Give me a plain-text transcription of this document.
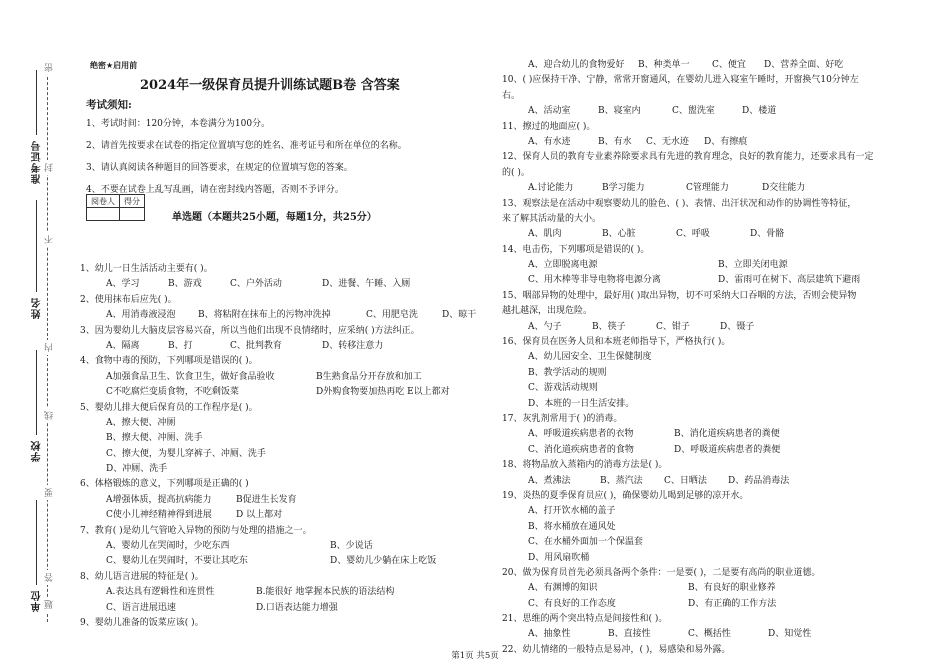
准考证号
姓名
学校
单位
密
封
不
内
线
要
答
题
绝密★启用前
2024年一级保育员提升训练试题B卷 含答案
考试须知:
1、考试时间：120分钟，本卷满分为100分。
2、请首先按要求在试卷的指定位置填写您的姓名、准考证号和所在单位的名称。
3、请认真阅读各种题目的回答要求，在规定的位置填写您的答案。
4、不要在试卷上乱写乱画，请在密封线内答题，否则不予评分。
阅卷人	得分

单选题（本题共25小题，每题1分，共25分）
1、幼儿一日生活活动主要有( )。
A、学习	B、游戏	C、户外活动	D、进餐、午睡、入厕
2、使用抹布后应先( )。
A、用消毒液浸泡	B、将粘附在抹布上的污物冲洗掉	C、用肥皂洗	D、晾干
3、因为婴幼儿大脑皮层容易兴奋，所以当他们出现不良情绪时，应采纳( )方法纠正。
A、隔离	B、打	C、批判教育	D、转移注意力
4、食物中毒的预防，下列哪项是错误的( )。
A加强食品卫生、饮食卫生，做好食品验收	B生熟食品分开存放和加工
C不吃腐烂变质食物，不吃剩饭菜	D外购食物要加热再吃 E以上都对
5、婴幼儿排大便后保育员的工作程序是( )。
A、擦大便、冲厕
B、擦大便、冲厕、洗手
C、擦大便，为婴儿穿裤子、冲厕、洗手
D、冲厕、洗手
6、体格锻炼的意义，下列哪项是正确的( )
A增强体质，提高抗病能力	B促进生长发育
C使小儿神经精神得到进展	D 以上都对
7、教育( )是幼儿气管呛入异物的预防与处理的措施之一。
A、婴幼儿在哭闹时，少吃东西	B、少说话
C、婴幼儿在哭闹时，不要让其吃东	D、婴幼儿少躺在床上吃饭
8、幼儿语言进展的特征是( )。
A.表达具有逻辑性和连贯性	B.能很好 地掌握本民族的语法结构
C、语言进展迅速	D.口语表达能力增强
9、婴幼儿准备的饭菜应该( )。
A、迎合幼儿的食物爱好	B、种类单一	C、便宜	D、营养全面、好吃
10、( )应保持干净、宁静，常常开窗通风，在婴幼儿进入寝室午睡时，开窗换气10分钟左
右。
A、活动室	B、寝室内	C、盥洗室	D、楼道
11、擦过的地面应( )。
A、有水迹	B、有水	C、无水迹	D、有擦痕
12、保育人员的教育专业素养除要求具有先进的教育理念，良好的教育能力，还要求具有一定
的( )。
A.讨论能力	B学习能力	C管理能力	D交往能力
13、观察法是在活动中观察婴幼儿的脸色、( )、表情、出汗状况和动作的协调性等特征，
来了解其活动量的大小。
A、肌肉	B、心脏	C、呼吸	D、骨骼
14、电击伤，下列哪项是错误的( )。
A、立即脱离电源	B、立即关闭电源
C、用木棒等非导电物将电源分离	D、雷雨可在树下、高层建筑下避雨
15、咽部异物的处理中，最好用( )取出异物，切不可采纳大口吞咽的方法，否则会使异物
越扎越深，出现危险。
A、勺子	B、筷子	C、钳子	D、镊子
16、保育员在医务人员和本班老师指导下，严格执行( )。
A、幼儿园安全、卫生保健制度
B、教学活动的规则
C、游戏活动规则
D、本班的一日生活安排。
17、灰乳剂常用于( )的消毒。
A、呼吸道疾病患者的衣物	B、消化道疾病患者的粪便
C、消化道疾病患者的食物	D、呼吸道疾病患者的粪便
18、将物品放入蒸箱内的消毒方法是( )。
A、煮沸法	B、蒸汽法	C、日晒法	D、药品消毒法
19、炎热的夏季保育员应( )，确保婴幼儿喝到足够的凉开水。
A、打开饮水桶的盖子
B、将水桶放在通风处
C、在水桶外面加一个保温套
D、用风扇吹桶
20、做为保育员首先必须具备两个条件：一是要( )，二是要有高尚的职业道德。
A、有渊博的知识	B、有良好的职业修养
C、有良好的工作态度	D、有正确的工作方法
21、思维的两个突出特点是间接性和( )。
A、抽象性	B、直接性	C、概括性	D、知觉性
22、幼儿情绪的一般特点是易冲，( )，易感染和易外露。
第1页 共5页
